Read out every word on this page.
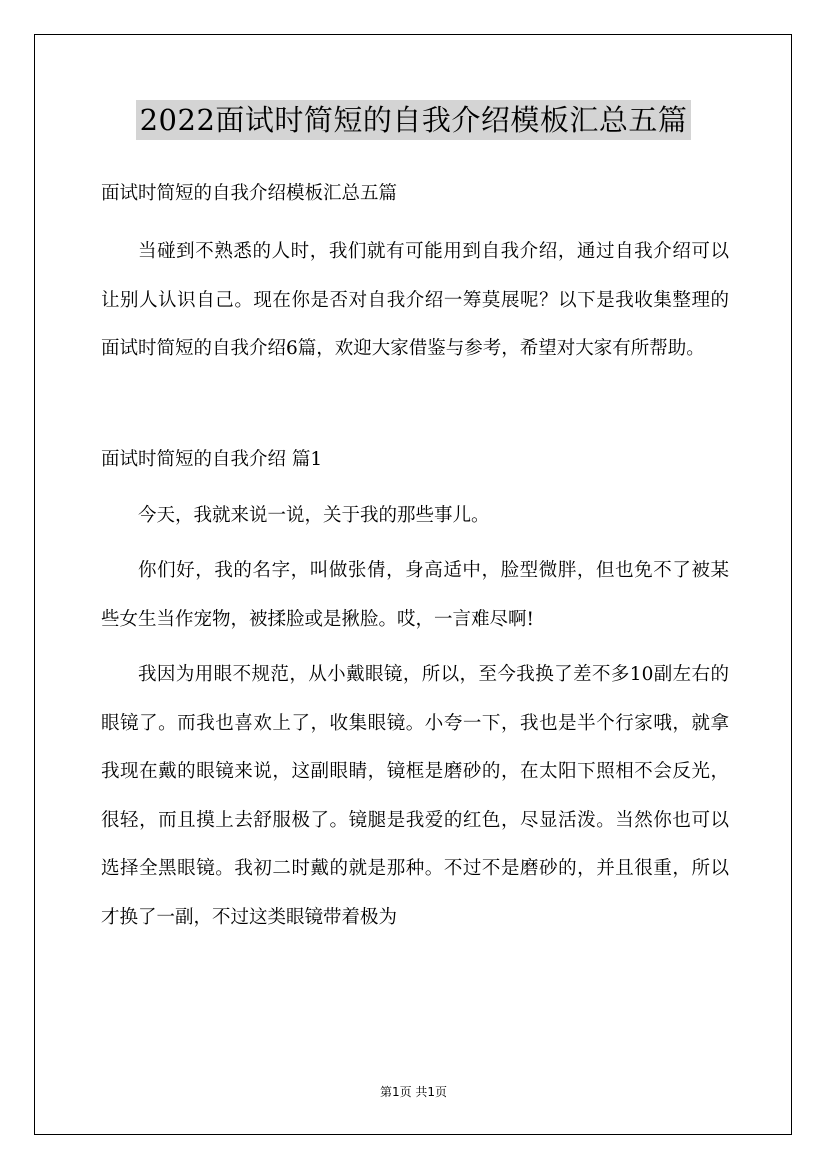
2022面试时简短的自我介绍模板汇总五篇

面试时简短的自我介绍模板汇总五篇

当碰到不熟悉的人时，我们就有可能用到自我介绍，通过自我介绍可以让别人认识自己。现在你是否对自我介绍一筹莫展呢？以下是我收集整理的面试时简短的自我介绍6篇，欢迎大家借鉴与参考，希望对大家有所帮助。

面试时简短的自我介绍 篇1

今天，我就来说一说，关于我的那些事儿。

你们好，我的名字，叫做张倩，身高适中，脸型微胖，但也免不了被某些女生当作宠物，被揉脸或是揪脸。哎，一言难尽啊!

我因为用眼不规范，从小戴眼镜，所以，至今我换了差不多10副左右的眼镜了。而我也喜欢上了，收集眼镜。小夸一下，我也是半个行家哦，就拿我现在戴的眼镜来说，这副眼睛，镜框是磨砂的，在太阳下照相不会反光，很轻，而且摸上去舒服极了。镜腿是我爱的红色，尽显活泼。当然你也可以选择全黑眼镜。我初二时戴的就是那种。不过不是磨砂的，并且很重，所以才换了一副，不过这类眼镜带着极为

第1页 共1页
